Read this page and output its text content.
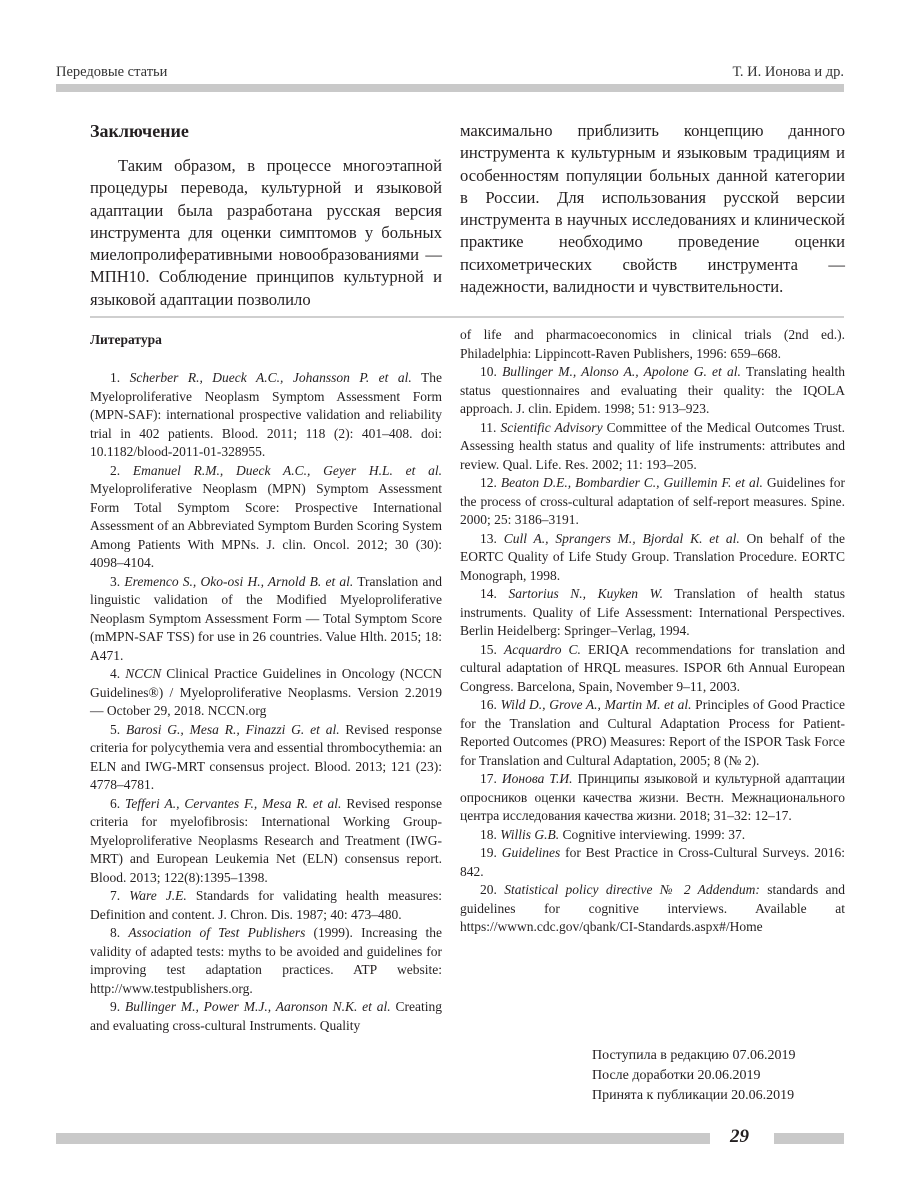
Передовые статьи	Т. И. Ионова и др.
Заключение

Таким образом, в процессе многоэтапной процедуры перевода, культурной и языковой адаптации была разработана русская версия инструмента для оценки симптомов у больных миелопролиферативными новообразованиями — МПН10. Соблюдение принципов культурной и языковой адаптации позволило

максимально приблизить концепцию данного инструмента к культурным и языковым традициям и особенностям популяции больных данной категории в России. Для использования русской версии инструмента в научных исследованиях и клинической практике необходимо проведение оценки психометрических свойств инструмента — надежности, валидности и чувствительности.

Литература

1. Scherber R., Dueck A.C., Johansson P. et al. The Myeloproliferative Neoplasm Symptom Assessment Form (MPN-SAF): international prospective validation and reliability trial in 402 patients. Blood. 2011; 118 (2): 401–408. doi: 10.1182/blood-2011-01-328955.

2. Emanuel R.M., Dueck A.C., Geyer H.L. et al. Myeloproliferative Neoplasm (MPN) Symptom Assessment Form Total Symptom Score: Prospective International Assessment of an Abbreviated Symptom Burden Scoring System Among Patients With MPNs. J. clin. Oncol. 2012; 30 (30): 4098–4104.

3. Eremenco S., Oko-osi H., Arnold B. et al. Translation and linguistic validation of the Modified Myeloproliferative Neoplasm Symptom Assessment Form — Total Symptom Score (mMPN-SAF TSS) for use in 26 countries. Value Hlth. 2015; 18: A471.

4. NCCN Clinical Practice Guidelines in Oncology (NCCN Guidelines®) / Myeloproliferative Neoplasms. Version 2.2019 — October 29, 2018. NCCN.org

5. Barosi G., Mesa R., Finazzi G. et al. Revised response criteria for polycythemia vera and essential thrombocythemia: an ELN and IWG-MRT consensus project. Blood. 2013; 121 (23): 4778–4781.

6. Tefferi A., Cervantes F., Mesa R. et al. Revised response criteria for myelofibrosis: International Working Group-Myeloproliferative Neoplasms Research and Treatment (IWG-MRT) and European Leukemia Net (ELN) consensus report. Blood. 2013; 122(8):1395–1398.

7. Ware J.E. Standards for validating health measures: Definition and content. J. Chron. Dis. 1987; 40: 473–480.

8. Association of Test Publishers (1999). Increasing the validity of adapted tests: myths to be avoided and guidelines for improving test adaptation practices. ATP website: http://www.testpublishers.org.

9. Bullinger M., Power M.J., Aaronson N.K. et al. Creating and evaluating cross-cultural Instruments. Quality

of life and pharmacoeconomics in clinical trials (2nd ed.). Philadelphia: Lippincott-Raven Publishers, 1996: 659–668.

10. Bullinger M., Alonso A., Apolone G. et al. Translating health status questionnaires and evaluating their quality: the IQOLA approach. J. clin. Epidem. 1998; 51: 913–923.

11. Scientific Advisory Committee of the Medical Outcomes Trust. Assessing health status and quality of life instruments: attributes and review. Qual. Life. Res. 2002; 11: 193–205.

12. Beaton D.E., Bombardier C., Guillemin F. et al. Guidelines for the process of cross-cultural adaptation of self-report measures. Spine. 2000; 25: 3186–3191.

13. Cull A., Sprangers M., Bjordal K. et al. On behalf of the EORTC Quality of Life Study Group. Translation Procedure. EORTC Monograph, 1998.

14. Sartorius N., Kuyken W. Translation of health status instruments. Quality of Life Assessment: International Perspectives. Berlin Heidelberg: Springer–Verlag, 1994.

15. Acquardro C. ERIQA recommendations for translation and cultural adaptation of HRQL measures. ISPOR 6th Annual European Congress. Barcelona, Spain, November 9–11, 2003.

16. Wild D., Grove A., Martin M. et al. Principles of Good Practice for the Translation and Cultural Adaptation Process for Patient-Reported Outcomes (PRO) Measures: Report of the ISPOR Task Force for Translation and Cultural Adaptation, 2005; 8 (№ 2).

17. Ионова Т.И. Принципы языковой и культурной адаптации опросников оценки качества жизни. Вестн. Межнационального центра исследования качества жизни. 2018; 31–32: 12–17.

18. Willis G.B. Cognitive interviewing. 1999: 37.

19. Guidelines for Best Practice in Cross-Cultural Surveys. 2016: 842.

20. Statistical policy directive № 2 Addendum: standards and guidelines for cognitive interviews. Available at https://wwwn.cdc.gov/qbank/CI-Standards.aspx#/Home

Поступила в редакцию 07.06.2019
После доработки 20.06.2019
Принята к публикации 20.06.2019
29
